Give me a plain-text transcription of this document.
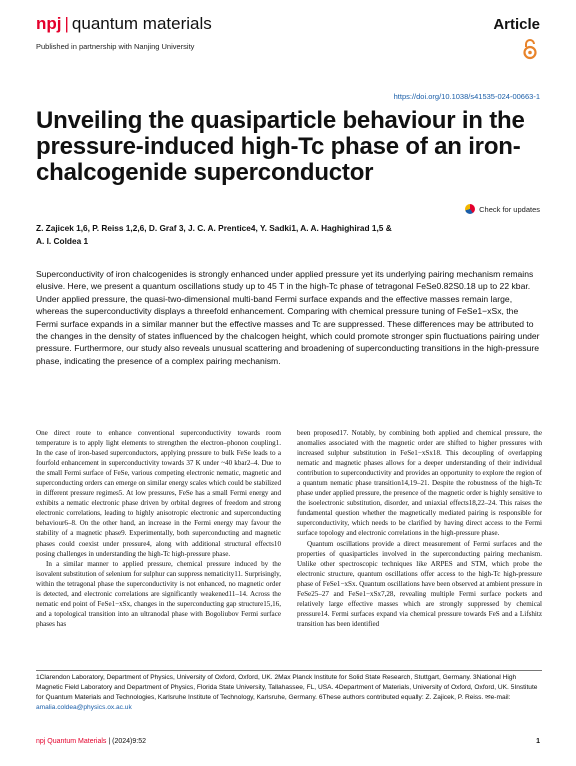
npj | quantum materials	Article
Published in partnership with Nanjing University
https://doi.org/10.1038/s41535-024-00663-1
Unveiling the quasiparticle behaviour in the pressure-induced high-Tc phase of an iron-chalcogenide superconductor
Check for updates
Z. Zajicek 1,6, P. Reiss 1,2,6, D. Graf 3, J. C. A. Prentice4, Y. Sadki1, A. A. Haghighirad 1,5 &
A. I. Coldea 1
Superconductivity of iron chalcogenides is strongly enhanced under applied pressure yet its underlying pairing mechanism remains elusive. Here, we present a quantum oscillations study up to 45 T in the high-Tc phase of tetragonal FeSe0.82S0.18 up to 22 kbar. Under applied pressure, the quasi-two-dimensional multi-band Fermi surface expands and the effective masses remain large, whereas the superconductivity displays a threefold enhancement. Comparing with chemical pressure tuning of FeSe1−xSx, the Fermi surface expands in a similar manner but the effective masses and Tc are suppressed. These differences may be attributed to the changes in the density of states influenced by the chalcogen height, which could promote stronger spin fluctuations pairing under pressure. Furthermore, our study also reveals unusual scattering and broadening of superconducting transitions in the high-pressure phase, indicating the presence of a complex pairing mechanism.

One direct route to enhance conventional superconductivity towards room temperature is to apply light elements to strengthen the electron–phonon coupling1. In the case of iron-based superconductors, applying pressure to bulk FeSe leads to a fourfold enhancement in superconductivity towards 37 K under ~40 kbar2–4. Due to the small Fermi surface of FeSe, various competing electronic nematic, magnetic and superconducting orders can emerge on similar energy scales which could be stabilized in different pressure regimes5. At low pressures, FeSe has a small Fermi energy and exhibits a nematic electronic phase driven by orbital degrees of freedom and strong electronic correlations, leading to highly anisotropic electronic and superconducting behaviour6–8. On the other hand, an increase in the Fermi energy may favour the stability of a magnetic phase9. Experimentally, both superconducting and magnetic phases could coexist under pressure4, along with additional structural effects10 posing challenges in understanding the high-Tc high-pressure phase.

In a similar manner to applied pressure, chemical pressure induced by the isovalent substitution of selenium for sulphur can suppress nematicity11. Surprisingly, within the tetragonal phase the superconductivity is not enhanced, no magnetic order is detected, and electronic correlations are significantly weakened11–14. Across the nematic end point of FeSe1−xSx, changes in the superconducting gap structure15,16, and a topological transition into an ultranodal phase with Bogoliubov Fermi surface phases has

been proposed17. Notably, by combining both applied and chemical pressure, the anomalies associated with the magnetic order are shifted to higher pressures with increased sulphur substitution in FeSe1−xSx18. This decoupling of overlapping nematic and magnetic phases allows for a deeper understanding of their individual contribution to superconductivity and provides an opportunity to explore the region of a quantum nematic phase transition14,19–21. Despite the robustness of the high-Tc phase under applied pressure, the presence of the magnetic order is highly sensitive to the isoelectronic substitution, disorder, and uniaxial effects18,22–24. This raises the fundamental question whether the magnetically mediated pairing is responsible for superconductivity, which needs to be clarified by having direct access to the Fermi surface topology and electronic correlations in the high-pressure phase.

Quantum oscillations provide a direct measurement of Fermi surfaces and the properties of quasiparticles involved in the superconducting pairing mechanism. Unlike other spectroscopic techniques like ARPES and STM, which probe the electronic structure, quantum oscillations offer access to the high-Tc high-pressure phase of FeSe1−xSx. Quantum oscillations have been observed at ambient pressure in FeSe25–27 and FeSe1−xSx7,28, revealing multiple Fermi surface pockets and relatively large effective masses which are strongly suppressed by chemical pressure14. Fermi surfaces expand via chemical pressure towards FeS and a Lifshitz transition has been identified

1Clarendon Laboratory, Department of Physics, University of Oxford, Oxford, UK. 2Max Planck Institute for Solid State Research, Stuttgart, Germany. 3National High Magnetic Field Laboratory and Department of Physics, Florida State University, Tallahassee, FL, USA. 4Department of Materials, University of Oxford, Oxford, UK. 5Institute for Quantum Materials and Technologies, Karlsruhe Institute of Technology, Karlsruhe, Germany. 6These authors contributed equally: Z. Zajicek, P. Reiss. ✉e-mail: amalia.coldea@physics.ox.ac.uk
npj Quantum Materials | (2024)9:52	1
